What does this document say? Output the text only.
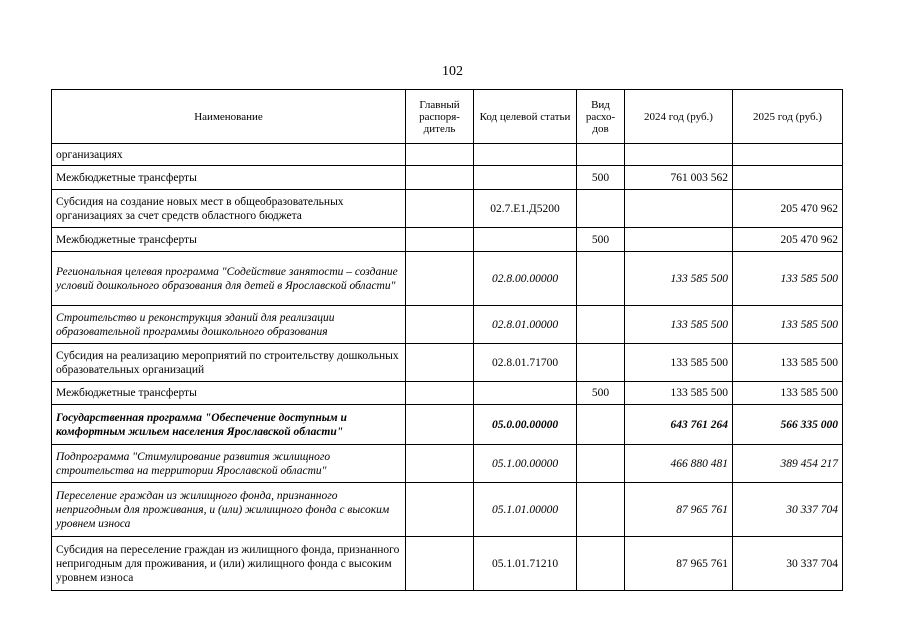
102
Наименование	Главный распоря-дитель	Код целевой статьи	Вид расхо-дов	2024 год (руб.)	2025 год (руб.)
организациях					
Межбюджетные трансферты			500	761 003 562	
Субсидия на создание новых мест в общеобразовательных организациях за счет средств областного бюджета		02.7.Е1.Д5200			205 470 962
Межбюджетные трансферты			500		205 470 962
Региональная целевая программа "Содействие занятости – создание условий дошкольного образования для детей в Ярославской области"		02.8.00.00000		133 585 500	133 585 500
Строительство и реконструкция зданий для реализации образовательной программы дошкольного образования		02.8.01.00000		133 585 500	133 585 500
Субсидия на реализацию мероприятий по строительству дошкольных образовательных организаций		02.8.01.71700		133 585 500	133 585 500
Межбюджетные трансферты			500	133 585 500	133 585 500
Государственная программа "Обеспечение доступным и комфортным жильем населения Ярославской области"		05.0.00.00000		643 761 264	566 335 000
Подпрограмма "Стимулирование развития жилищного строительства на территории Ярославской области"		05.1.00.00000		466 880 481	389 454 217
Переселение граждан из жилищного фонда, признанного непригодным для проживания, и (или) жилищного фонда с высоким уровнем износа		05.1.01.00000		87 965 761	30 337 704
Субсидия на переселение граждан из жилищного фонда, признанного непригодным для проживания, и (или) жилищного фонда с высоким уровнем износа		05.1.01.71210		87 965 761	30 337 704
